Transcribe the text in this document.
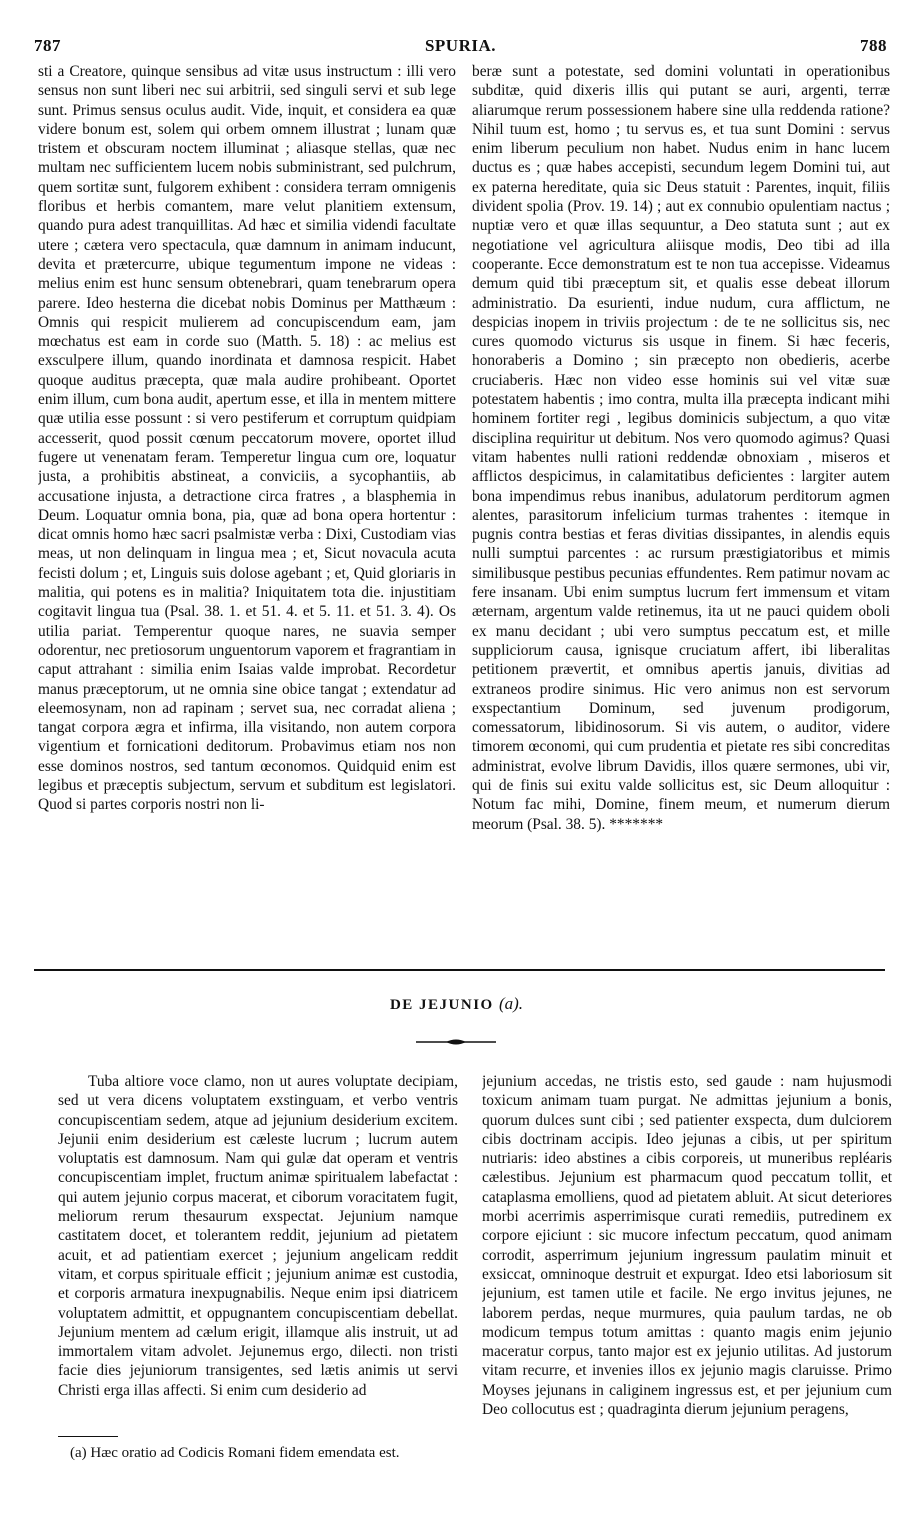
787	SPURIA.	788

sti a Creatore, quinque sensibus ad vitæ usus instructum : illi vero sensus non sunt liberi nec sui arbitrii, sed singuli servi et sub lege sunt. Primus sensus oculus audit. Vide, inquit, et considera ea quæ videre bonum est, solem qui orbem omnem illustrat ; lunam quæ tristem et obscuram noctem illuminat ; aliasque stellas, quæ nec multam nec sufficientem lucem nobis subministrant, sed pulchrum, quem sortitæ sunt, fulgorem exhibent : considera terram omnigenis floribus et herbis comantem, mare velut planitiem extensum, quando pura adest tranquillitas. Ad hæc et similia videndi facultate utere ; cætera vero spectacula, quæ damnum in animam inducunt, devita et prætercurre, ubique tegumentum impone ne videas : melius enim est hunc sensum obtenebrari, quam tenebrarum opera parere. Ideo hesterna die dicebat nobis Dominus per Matthæum : Omnis qui respicit mulierem ad concupiscendum eam, jam mœchatus est eam in corde suo (Matth. 5. 18) : ac melius est exsculpere illum, quando inordinata et damnosa respicit. Habet quoque auditus præcepta, quæ mala audire prohibeant. Oportet enim illum, cum bona audit, apertum esse, et illa in mentem mittere quæ utilia esse possunt : si vero pestiferum et corruptum quidpiam accesserit, quod possit cœnum peccatorum movere, oportet illud fugere ut venenatam feram. Temperetur lingua cum ore, loquatur justa, a prohibitis abstineat, a conviciis, a sycophantiis, ab accusatione injusta, a detractione circa fratres , a blasphemia in Deum. Loquatur omnia bona, pia, quæ ad bona opera hortentur : dicat omnis homo hæc sacri psalmistæ verba : Dixi, Custodiam vias meas, ut non delinquam in lingua mea ; et, Sicut novacula acuta fecisti dolum ; et, Linguis suis dolose agebant ; et, Quid gloriaris in malitia, qui potens es in malitia? Iniquitatem tota die. injustitiam cogitavit lingua tua (Psal. 38. 1. et 51. 4. et 5. 11. et 51. 3. 4). Os utilia pariat. Temperentur quoque nares, ne suavia semper odorentur, nec pretiosorum unguentorum vaporem et fragrantiam in caput attrahant : similia enim Isaias valde improbat. Recordetur manus præceptorum, ut ne omnia sine obice tangat ; extendatur ad eleemosynam, non ad rapinam ; servet sua, nec corradat aliena ; tangat corpora ægra et infirma, illa visitando, non autem corpora vigentium et fornicationi deditorum. Probavimus etiam nos non esse dominos nostros, sed tantum œconomos. Quidquid enim est legibus et præceptis subjectum, servum et subditum est legislatori. Quod si partes corporis nostri non li-

beræ sunt a potestate, sed domini voluntati in operationibus subditæ, quid dixeris illis qui putant se auri, argenti, terræ aliarumque rerum possessionem habere sine ulla reddenda ratione? Nihil tuum est, homo ; tu servus es, et tua sunt Domini : servus enim liberum peculium non habet. Nudus enim in hanc lucem ductus es ; quæ habes accepisti, secundum legem Domini tui, aut ex paterna hereditate, quia sic Deus statuit : Parentes, inquit, filiis divident spolia (Prov. 19. 14) ; aut ex connubio opulentiam nactus ; nuptiæ vero et quæ illas sequuntur, a Deo statuta sunt ; aut ex negotiatione vel agricultura aliisque modis, Deo tibi ad illa cooperante. Ecce demonstratum est te non tua accepisse. Videamus demum quid tibi præceptum sit, et qualis esse debeat illorum administratio. Da esurienti, indue nudum, cura afflictum, ne despicias inopem in triviis projectum : de te ne sollicitus sis, nec cures quomodo victurus sis usque in finem. Si hæc feceris, honoraberis a Domino ; sin præcepto non obedieris, acerbe cruciaberis. Hæc non video esse hominis sui vel vitæ suæ potestatem habentis ; imo contra, multa illa præcepta indicant mihi hominem fortiter regi , legibus dominicis subjectum, a quo vitæ disciplina requiritur ut debitum. Nos vero quomodo agimus? Quasi vitam habentes nulli rationi reddendæ obnoxiam , miseros et afflictos despicimus, in calamitatibus deficientes : largiter autem bona impendimus rebus inanibus, adulatorum perditorum agmen alentes, parasitorum infelicium turmas trahentes : itemque in pugnis contra bestias et feras divitias dissipantes, in alendis equis nulli sumptui parcentes : ac rursum præstigiatoribus et mimis similibusque pestibus pecunias effundentes. Rem patimur novam ac fere insanam. Ubi enim sumptus lucrum fert immensum et vitam æternam, argentum valde retinemus, ita ut ne pauci quidem oboli ex manu decidant ; ubi vero sumptus peccatum est, et mille suppliciorum causa, ignisque cruciatum affert, ibi liberalitas petitionem prævertit, et omnibus apertis januis, divitias ad extraneos prodire sinimus. Hic vero animus non est servorum exspectantium Dominum, sed juvenum prodigorum, comessatorum, libidinosorum. Si vis autem, o auditor, videre timorem œconomi, qui cum prudentia et pietate res sibi concreditas administrat, evolve librum Davidis, illos quære sermones, ubi vir, qui de finis sui exitu valde sollicitus est, sic Deum alloquitur : Notum fac mihi, Domine, finem meum, et numerum dierum meorum (Psal. 38. 5). *******

DE JEJUNIO (a).

Tuba altiore voce clamo, non ut aures voluptate decipiam, sed ut vera dicens voluptatem exstinguam, et verbo ventris concupiscentiam sedem, atque ad jejunium desiderium excitem. Jejunii enim desiderium est cæleste lucrum ; lucrum autem voluptatis est damnosum. Nam qui gulæ dat operam et ventris concupiscentiam implet, fructum animæ spiritualem labefactat : qui autem jejunio corpus macerat, et ciborum voracitatem fugit, meliorum rerum thesaurum exspectat. Jejunium namque castitatem docet, et tolerantem reddit, jejunium ad pietatem acuit, et ad patientiam exercet ; jejunium angelicam reddit vitam, et corpus spirituale efficit ; jejunium animæ est custodia, et corporis armatura inexpugnabilis. Neque enim ipsi diatricem voluptatem admittit, et oppugnantem concupiscentiam debellat. Jejunium mentem ad cælum erigit, illamque alis instruit, ut ad immortalem vitam advolet. Jejunemus ergo, dilecti. non tristi facie dies jejuniorum transigentes, sed lætis animis ut servi Christi erga illas affecti. Si enim cum desiderio ad

jejunium accedas, ne tristis esto, sed gaude : nam hujusmodi toxicum animam tuam purgat. Ne admittas jejunium a bonis, quorum dulces sunt cibi ; sed patienter exspecta, dum dulciorem cibis doctrinam accipis. Ideo jejunas a cibis, ut per spiritum nutriaris: ideo abstines a cibis corporeis, ut muneribus repléaris cælestibus. Jejunium est pharmacum quod peccatum tollit, et cataplasma emolliens, quod ad pietatem abluit. At sicut deteriores morbi acerrimis asperrimisque curati remediis, putredinem ex corpore ejiciunt : sic mucore infectum peccatum, quod animam corrodit, asperrimum jejunium ingressum paulatim minuit et exsiccat, omninoque destruit et expurgat. Ideo etsi laboriosum sit jejunium, est tamen utile et facile. Ne ergo invitus jejunes, ne laborem perdas, neque murmures, quia paulum tardas, ne ob modicum tempus totum amittas : quanto magis enim jejunio maceratur corpus, tanto major est ex jejunio utilitas. Ad justorum vitam recurre, et invenies illos ex jejunio magis claruisse. Primo Moyses jejunans in caliginem ingressus est, et per jejunium cum Deo collocutus est ; quadraginta dierum jejunium peragens,

(a) Hæc oratio ad Codicis Romani fidem emendata est.
